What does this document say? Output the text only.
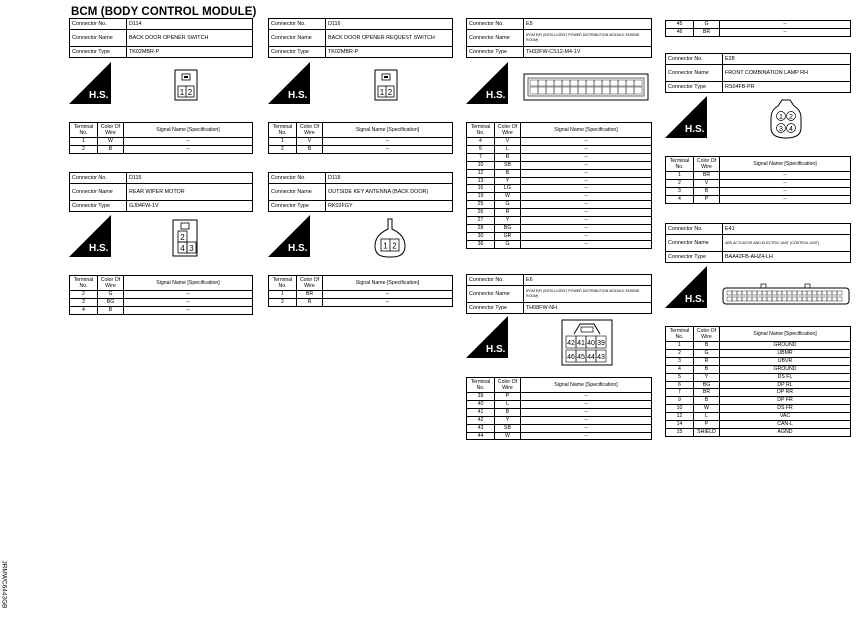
BCM (BODY CONTROL MODULE)
Connector No.	D114
Connector Name	BACK DOOR OPENER SWITCH
Connector Type	TK02MBR-P
H.S.	1 2
Terminal No.	Color Of Wire	Signal Name [Specification]
1	W	–
2	B	–
Connector No.	D116
Connector Name	BACK DOOR OPENER REQUEST SWITCH
Connector Type	TK02MBR-P
H.S.	1 2
Terminal No.	Color Of Wire	Signal Name [Specification]
1	V	–
2	B	–
Connector No.	D115
Connector Name	REAR WIPER MOTOR
Connector Type	GJ04FW-1V
H.S.
2
4 3
Terminal No.	Color Of Wire	Signal Name [Specification]
2	G	–
3	BG	–
4	B	–
Connector No.	D118
Connector Name	OUTSIDE KEY ANTENNA (BACK DOOR)
Connector Type	RK02FGY
H.S.	1 2
Terminal No.	Color Of Wire	Signal Name [Specification]
1	BR	–
2	R	–
Connector No.	E5
Connector Name	IPDM E/R (INTELLIGENT POWER DISTRIBUTION MODULE ENGINE ROOM)
Connector Type	TH32FW-CS12-M4-1V
H.S.
Terminal No.	Color Of Wire	Signal Name [Specification]
4	V	–
5	L	–
7	R	–
10	SB	–
12	B	–
13	Y	–
16	LG	–
19	W	–
25	G	–
26	R	–
27	Y	–
28	BG	–
30	GR	–
36	G	–
Connector No.	E6
Connector Name	IPDM E/R (INTELLIGENT POWER DISTRIBUTION MODULE ENGINE ROOM)
Connector Type	TH08FW-NH
H.S.
42 41 40 39
46 45 44 43
Terminal No.	Color Of Wire	Signal Name [Specification]
39	P	–
40	L	–
41	B	–
42	Y	–
43	SB	–
44	W	–
45	G	–
46	BR	–
Connector No.	E28
Connector Name	FRONT COMBINATION LAMP RH
Connector Type	RS04FB-PR
H.S.
1 2
3 4
Terminal No.	Color Of Wire	Signal Name [Specification]
1	BR	–
2	V	–
3	B	–
4	P	–
Connector No.	E41
Connector Name	ABS ACTUATOR AND ELECTRIC UNIT (CONTROL UNIT)
Connector Type	BAA42FB-AHZ4-LH
H.S.
Terminal No.	Color Of Wire	Signal Name [Specification]
1	B	GROUND
2	G	UBMR
3	R	UBVR
4	B	GROUND
5	Y	DS FL
6	BG	DP RL
7	BR	DP RR
9	B	DP FR
10	W	DS FR
12	L	VAC
14	P	CAN-L
15	SHIELD	AGND
JRMWC6443GB
